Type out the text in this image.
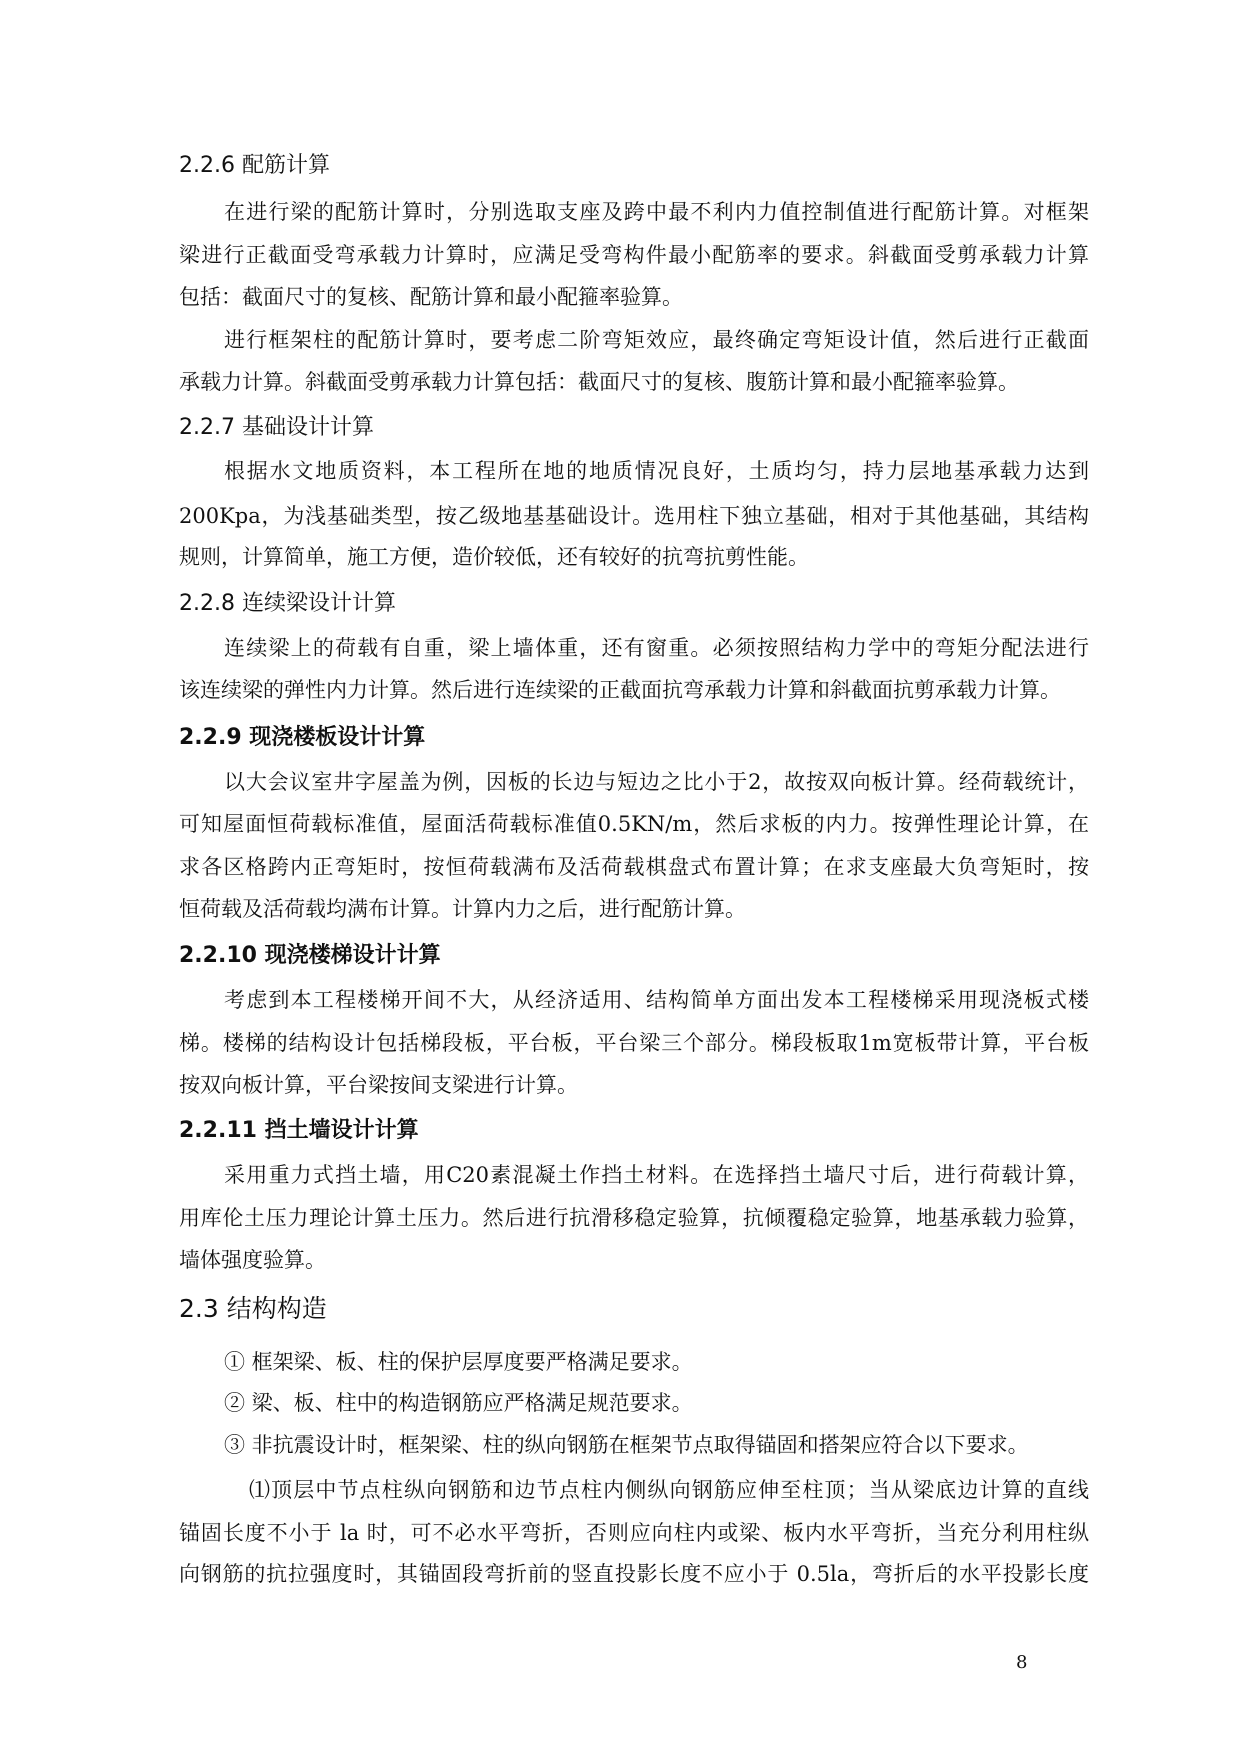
2.2.6 配筋计算
在进行梁的配筋计算时，分别选取支座及跨中最不利内力值控制值进行配筋计算。对框架
梁进行正截面受弯承载力计算时，应满足受弯构件最小配筋率的要求。斜截面受剪承载力计算
包括：截面尺寸的复核、配筋计算和最小配箍率验算。
进行框架柱的配筋计算时，要考虑二阶弯矩效应，最终确定弯矩设计值，然后进行正截面
承载力计算。斜截面受剪承载力计算包括：截面尺寸的复核、腹筋计算和最小配箍率验算。
2.2.7 基础设计计算
根据水文地质资料，本工程所在地的地质情况良好，土质均匀，持力层地基承载力达到
200Kpa，为浅基础类型，按乙级地基基础设计。选用柱下独立基础，相对于其他基础，其结构
规则，计算简单，施工方便，造价较低，还有较好的抗弯抗剪性能。
2.2.8 连续梁设计计算
连续梁上的荷载有自重，梁上墙体重，还有窗重。必须按照结构力学中的弯矩分配法进行
该连续梁的弹性内力计算。然后进行连续梁的正截面抗弯承载力计算和斜截面抗剪承载力计算。
2.2.9 现浇楼板设计计算
以大会议室井字屋盖为例，因板的长边与短边之比小于2，故按双向板计算。经荷载统计，
可知屋面恒荷载标准值，屋面活荷载标准值0.5KN/m，然后求板的内力。按弹性理论计算，在
求各区格跨内正弯矩时，按恒荷载满布及活荷载棋盘式布置计算；在求支座最大负弯矩时，按
恒荷载及活荷载均满布计算。计算内力之后，进行配筋计算。
2.2.10 现浇楼梯设计计算
考虑到本工程楼梯开间不大，从经济适用、结构简单方面出发本工程楼梯采用现浇板式楼
梯。楼梯的结构设计包括梯段板，平台板，平台梁三个部分。梯段板取1m宽板带计算，平台板
按双向板计算，平台梁按间支梁进行计算。
2.2.11 挡土墙设计计算
采用重力式挡土墙，用C20素混凝土作挡土材料。在选择挡土墙尺寸后，进行荷载计算，
用库伦土压力理论计算土压力。然后进行抗滑移稳定验算，抗倾覆稳定验算，地基承载力验算，
墙体强度验算。
2.3 结构构造
① 框架梁、板、柱的保护层厚度要严格满足要求。
② 梁、板、柱中的构造钢筋应严格满足规范要求。
③ 非抗震设计时，框架梁、柱的纵向钢筋在框架节点取得锚固和搭架应符合以下要求。
⑴顶层中节点柱纵向钢筋和边节点柱内侧纵向钢筋应伸至柱顶；当从梁底边计算的直线
锚固长度不小于 la 时，可不必水平弯折，否则应向柱内或梁、板内水平弯折，当充分利用柱纵
向钢筋的抗拉强度时，其锚固段弯折前的竖直投影长度不应小于 0.5la，弯折后的水平投影长度
8
